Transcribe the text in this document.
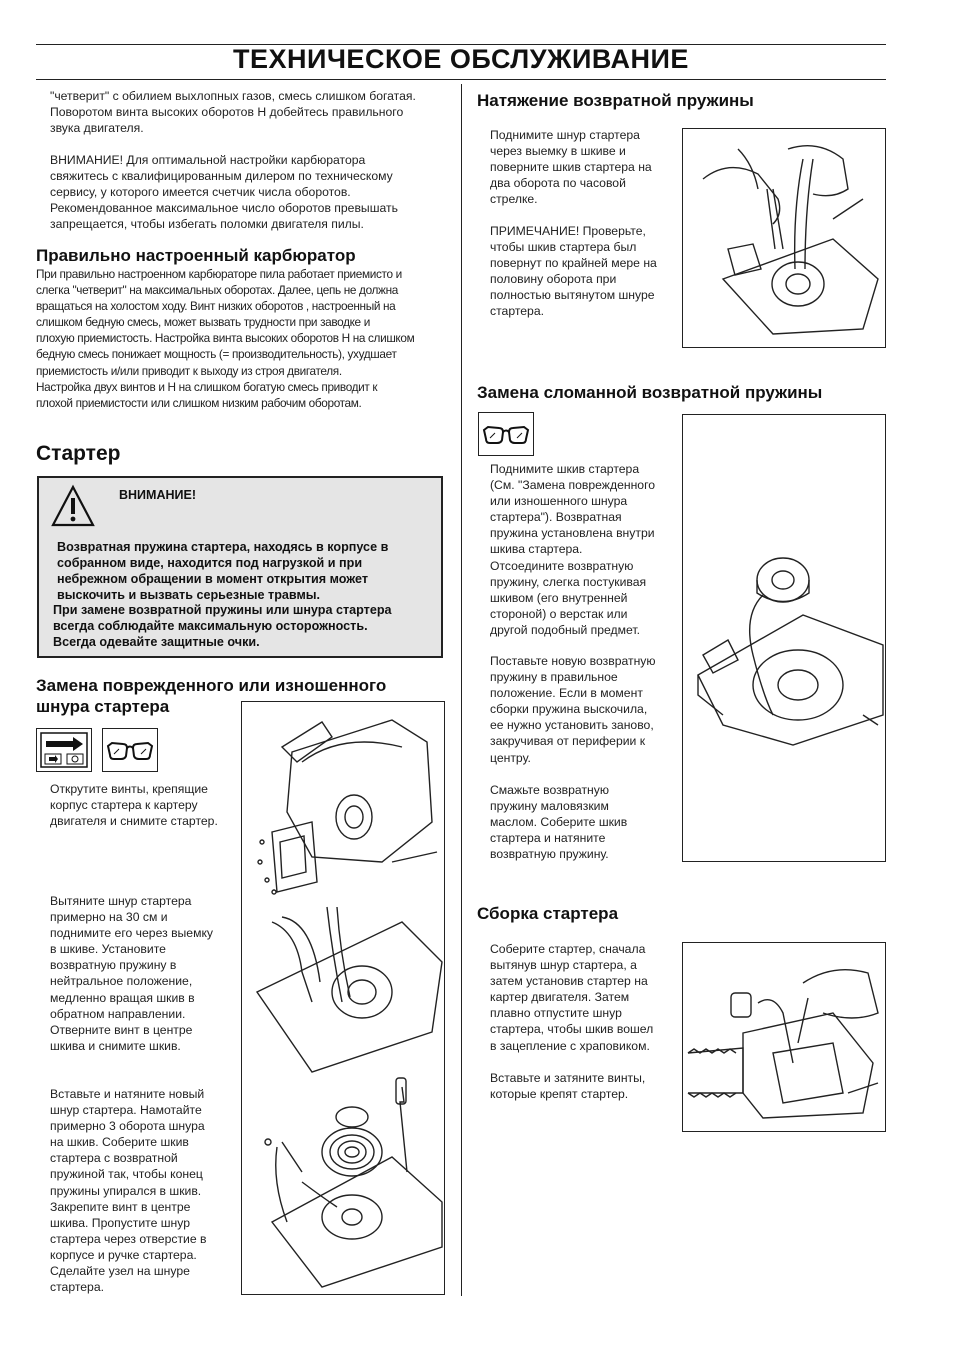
ТЕХНИЧЕСКОЕ ОБСЛУЖИВАНИЕ
"четверит" с обилием выхлопных газов, смесь слишком богатая.
Поворотом винта высоких оборотов H добейтесь правильного
звука двигателя.
ВНИМАНИЕ! Для оптимальной настройки карбюратора
свяжитесь с квалифицированным дилером по техническому
сервису, у которого имеется счетчик числа оборотов.
Рекомендованное максимальное число оборотов превышать
запрещается, чтобы избегать поломки двигателя пилы.
Правильно настроенный карбюратор
При правильно настроенном карбюраторе пила работает приемисто и
слегка "четверит" на максимальных оборотах. Далее, цепь не должна
вращаться на холостом ходу. Винт низких оборотов , настроенный на
слишком бедную смесь, может вызвать трудности при заводке и
плохую приемистость. Настройка винта высоких оборотов H на слишком
бедную смесь понижает мощность (= производительность), ухудшает
приемистость и/или приводит к выходу из строя двигателя.
Настройка двух винтов и H на слишком богатую смесь приводит к
плохой приемистости или слишком низким рабочим оборотам.
Стартер
ВНИМАНИЕ!
Возвратная пружина стартера, находясь в корпусе в
собранном виде, находится под нагрузкой и при
небрежном обращении в момент открытия может
выскочить и вызвать серьезные травмы.
При замене возвратной пружины или шнура стартера
всегда соблюдайте максимальную осторожность.
Всегда одевайте защитные очки.
Замена поврежденного или изношенного
шнура стартера
Открутите винты, крепящие
корпус стартера к картеру
двигателя и снимите стартер.
Вытяните шнур стартера
примерно на 30 см и
поднимите его через выемку
в шкиве. Установите
возвратную пружину в
нейтральное положение,
медленно вращая шкив в
обратном направлении.
Отверните винт в центре
шкива и снимите шкив.
Вставьте и натяните новый
шнур стартера. Намотайте
примерно 3 оборота шнура
на шкив. Соберите шкив
стартера с возвратной
пружиной так, чтобы конец
пружины упирался в шкив.
Закрепите винт в центре
шкива. Пропустите шнур
стартера через отверстие в
корпусе и ручке стартера.
Сделайте узел на шнуре
стартера.
Натяжение возвратной пружины
Поднимите шнур стартера
через выемку в шкиве и
поверните шкив стартера на
два оборота по часовой
стрелке.
ПРИМЕЧАНИЕ! Проверьте,
чтобы шкив стартера был
повернут по крайней мере на
половину оборота при
полностью вытянутом шнуре
стартера.
Замена сломанной возвратной пружины
Поднимите шкив стартера
(См. "Замена поврежденного
или изношенного шнура
стартера"). Возвратная
пружина установлена внутри
шкива стартера.
Отсоедините возвратную
пружину, слегка постукивая
шкивом (его внутренней
стороной) о верстак или
другой подобный предмет.
Поставьте новую возвратную
пружину в правильное
положение. Если в момент
сборки пружина выскочила,
ее нужно установить заново,
закручивая от периферии к
центру.
Смажьте возвратную
пружину маловязким
маслом. Соберите шкив
стартера и натяните
возвратную пружину.
Сборка стартера
Соберите стартер, сначала
вытянув шнур стартера, а
затем установив стартер на
картер двигателя. Затем
плавно отпустите шнур
стартера, чтобы шкив вошел
в зацепление с храповиком.
Вставьте и затяните винты,
которые крепят стартер.
